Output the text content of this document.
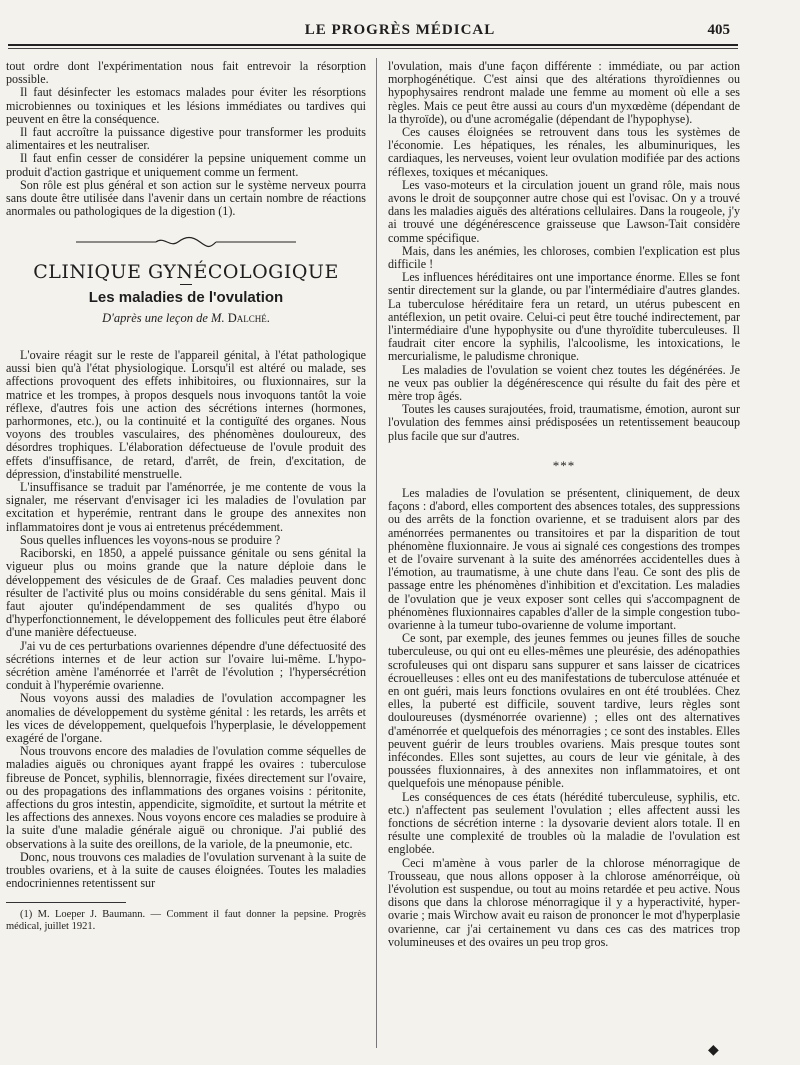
LE PROGRÈS MÉDICAL	405

tout ordre dont l'expérimentation nous fait entrevoir la résorption possible.

Il faut désinfecter les estomacs malades pour éviter les résorptions microbiennes ou toxiniques et les lésions immédiates ou tardives qui peuvent en être la conséquence.

Il faut accroître la puissance digestive pour transformer les produits alimentaires et les neutraliser.

Il faut enfin cesser de considérer la pepsine uniquement comme un produit d'action gastrique et uniquement comme un ferment.

Son rôle est plus général et son action sur le système nerveux pourra sans doute être utilisée dans l'avenir dans un certain nombre de réactions anormales ou pathologiques de la digestion (1).

CLINIQUE GYNÉCOLOGIQUE
Les maladies de l'ovulation
D'après une leçon de M. Dalché.

L'ovaire réagit sur le reste de l'appareil génital, à l'état pathologique aussi bien qu'à l'état physiologique. Lorsqu'il est altéré ou malade, ses affections provoquent des effets inhibitoires, ou fluxionnaires, sur la matrice et les trompes, à propos desquels nous invoquons tantôt la voie réflexe, d'autres fois une action des sécrétions internes (hormones, parhormones, etc.), ou la continuité et la contiguïté des organes. Nous voyons des troubles vasculaires, des phénomènes douloureux, des désordres trophiques. L'élaboration défectueuse de l'ovule produit des effets d'insuffisance, de retard, d'arrêt, de frein, d'excitation, de dépression, d'instabilité menstruelle.

L'insuffisance se traduit par l'aménorrée, je me contente de vous la signaler, me réservant d'envisager ici les maladies de l'ovulation par excitation et hyperémie, rentrant dans le groupe des annexites non inflammatoires dont je vous ai entretenus précédemment.

Sous quelles influences les voyons-nous se produire ?

Raciborski, en 1850, a appelé puissance génitale ou sens génital la vigueur plus ou moins grande que la nature déploie dans le développement des vésicules de de Graaf. Ces maladies peuvent donc résulter de l'activité plus ou moins considérable du sens génital. Mais il faut ajouter qu'indépendamment de ses qualités d'hypo ou d'hyperfonctionnement, le développement des follicules peut être élaboré d'une manière défectueuse.

J'ai vu de ces perturbations ovariennes dépendre d'une défectuosité des sécrétions internes et de leur action sur l'ovaire lui-même. L'hypo-sécrétion amène l'aménorrée et l'arrêt de l'évolution ; l'hypersécrétion conduit à l'hyperémie ovarienne.

Nous voyons aussi des maladies de l'ovulation accompagner les anomalies de développement du système génital : les retards, les arrêts et les vices de développement, quelquefois l'hyperplasie, le développement exagéré de l'organe.

Nous trouvons encore des maladies de l'ovulation comme séquelles de maladies aiguës ou chroniques ayant frappé les ovaires : tuberculose fibreuse de Poncet, syphilis, blennorragie, fixées directement sur l'ovaire, ou des propagations des inflammations des organes voisins : péritonite, affections du gros intestin, appendicite, sigmoïdite, et surtout la métrite et les affections des annexes. Nous voyons encore ces maladies se produire à la suite d'une maladie générale aiguë ou chronique. J'ai publié des observations à la suite des oreillons, de la variole, de la pneumonie, etc.

Donc, nous trouvons ces maladies de l'ovulation survenant à la suite de troubles ovariens, et à la suite de causes éloignées. Toutes les maladies endocriniennes retentissent sur

(1) M. Loeper J. Baumann. — Comment il faut donner la pepsine. Progrès médical, juillet 1921.

l'ovulation, mais d'une façon différente : immédiate, ou par action morphogénétique. C'est ainsi que des altérations thyroïdiennes ou hypophysaires rendront malade une femme au moment où elle a ses règles. Mais ce peut être aussi au cours d'un myxœdème (dépendant de la thyroïde), ou d'une acromégalie (dépendant de l'hypophyse).

Ces causes éloignées se retrouvent dans tous les systèmes de l'économie. Les hépatiques, les rénales, les albuminuriques, les cardiaques, les nerveuses, voient leur ovulation modifiée par des actions réflexes, toxiques et mécaniques.

Les vaso-moteurs et la circulation jouent un grand rôle, mais nous avons le droit de soupçonner autre chose qui est l'ovisac. On y a trouvé dans les maladies aiguës des altérations cellulaires. Dans la rougeole, j'y ai trouvé une dégénérescence graisseuse que Lawson-Tait considère comme spécifique.

Mais, dans les anémies, les chloroses, combien l'explication est plus difficile !

Les influences héréditaires ont une importance énorme. Elles se font sentir directement sur la glande, ou par l'intermédiaire d'autres glandes. La tuberculose héréditaire fera un retard, un utérus pubescent en antéflexion, un petit ovaire. Celui-ci peut être touché indirectement, par l'intermédiaire d'une hypophysite ou d'une thyroïdite tuberculeuses. Il faudrait citer encore la syphilis, l'alcoolisme, les intoxications, le mercurialisme, le paludisme chronique.

Les maladies de l'ovulation se voient chez toutes les dégénérées. Je ne veux pas oublier la dégénérescence qui résulte du fait des père et mère trop âgés.

Toutes les causes surajoutées, froid, traumatisme, émotion, auront sur l'ovulation des femmes ainsi prédisposées un retentissement beaucoup plus facile que sur d'autres.

***

Les maladies de l'ovulation se présentent, cliniquement, de deux façons : d'abord, elles comportent des absences totales, des suppressions ou des arrêts de la fonction ovarienne, et se traduisent alors par des aménorrées permanentes ou transitoires et par la disparition de tout phénomène fluxionnaire. Je vous ai signalé ces congestions des trompes et de l'ovaire survenant à la suite des aménorrées accidentelles dues à l'émotion, au traumatisme, à une chute dans l'eau. Ce sont des plis de passage entre les phénomènes d'inhibition et d'excitation. Les maladies de l'ovulation que je veux exposer sont celles qui s'accompagnent de phénomènes fluxionnaires capables d'aller de la simple congestion tubo-ovarienne à la tumeur tubo-ovarienne de volume important.

Ce sont, par exemple, des jeunes femmes ou jeunes filles de souche tuberculeuse, ou qui ont eu elles-mêmes une pleurésie, des adénopathies scrofuleuses qui ont disparu sans suppurer et sans laisser de cicatrices écrouelleuses : elles ont eu des manifestations de tuberculose atténuée et en ont guéri, mais leurs fonctions ovulaires en ont été troublées. Chez elles, la puberté est difficile, souvent tardive, leurs règles sont douloureuses (dysménorrée ovarienne) ; elles ont des alternatives d'aménorrée et quelquefois des ménorragies ; ce sont des instables. Elles peuvent guérir de leurs troubles ovariens. Mais presque toutes sont infécondes. Elles sont sujettes, au cours de leur vie génitale, à des poussées fluxionnaires, à des annexites non inflammatoires, et ont quelquefois une ménopause pénible.

Les conséquences de ces états (hérédité tuberculeuse, syphilis, etc. etc.) n'affectent pas seulement l'ovulation ; elles affectent aussi les fonctions de sécrétion interne : la dysovarie devient alors totale. Il en résulte une complexité de troubles où la maladie de l'ovulation est englobée.

Ceci m'amène à vous parler de la chlorose ménorragique de Trousseau, que nous allons opposer à la chlorose aménorréique, où l'évolution est suspendue, ou tout au moins retardée et peu active. Nous disons que dans la chlorose ménorragique il y a hyperactivité, hyper-ovarie ; mais Wirchow avait eu raison de prononcer le mot d'hyperplasie ovarienne, car j'ai certainement vu dans ces cas des matrices trop volumineuses et des ovaires un peu trop gros.

◆
